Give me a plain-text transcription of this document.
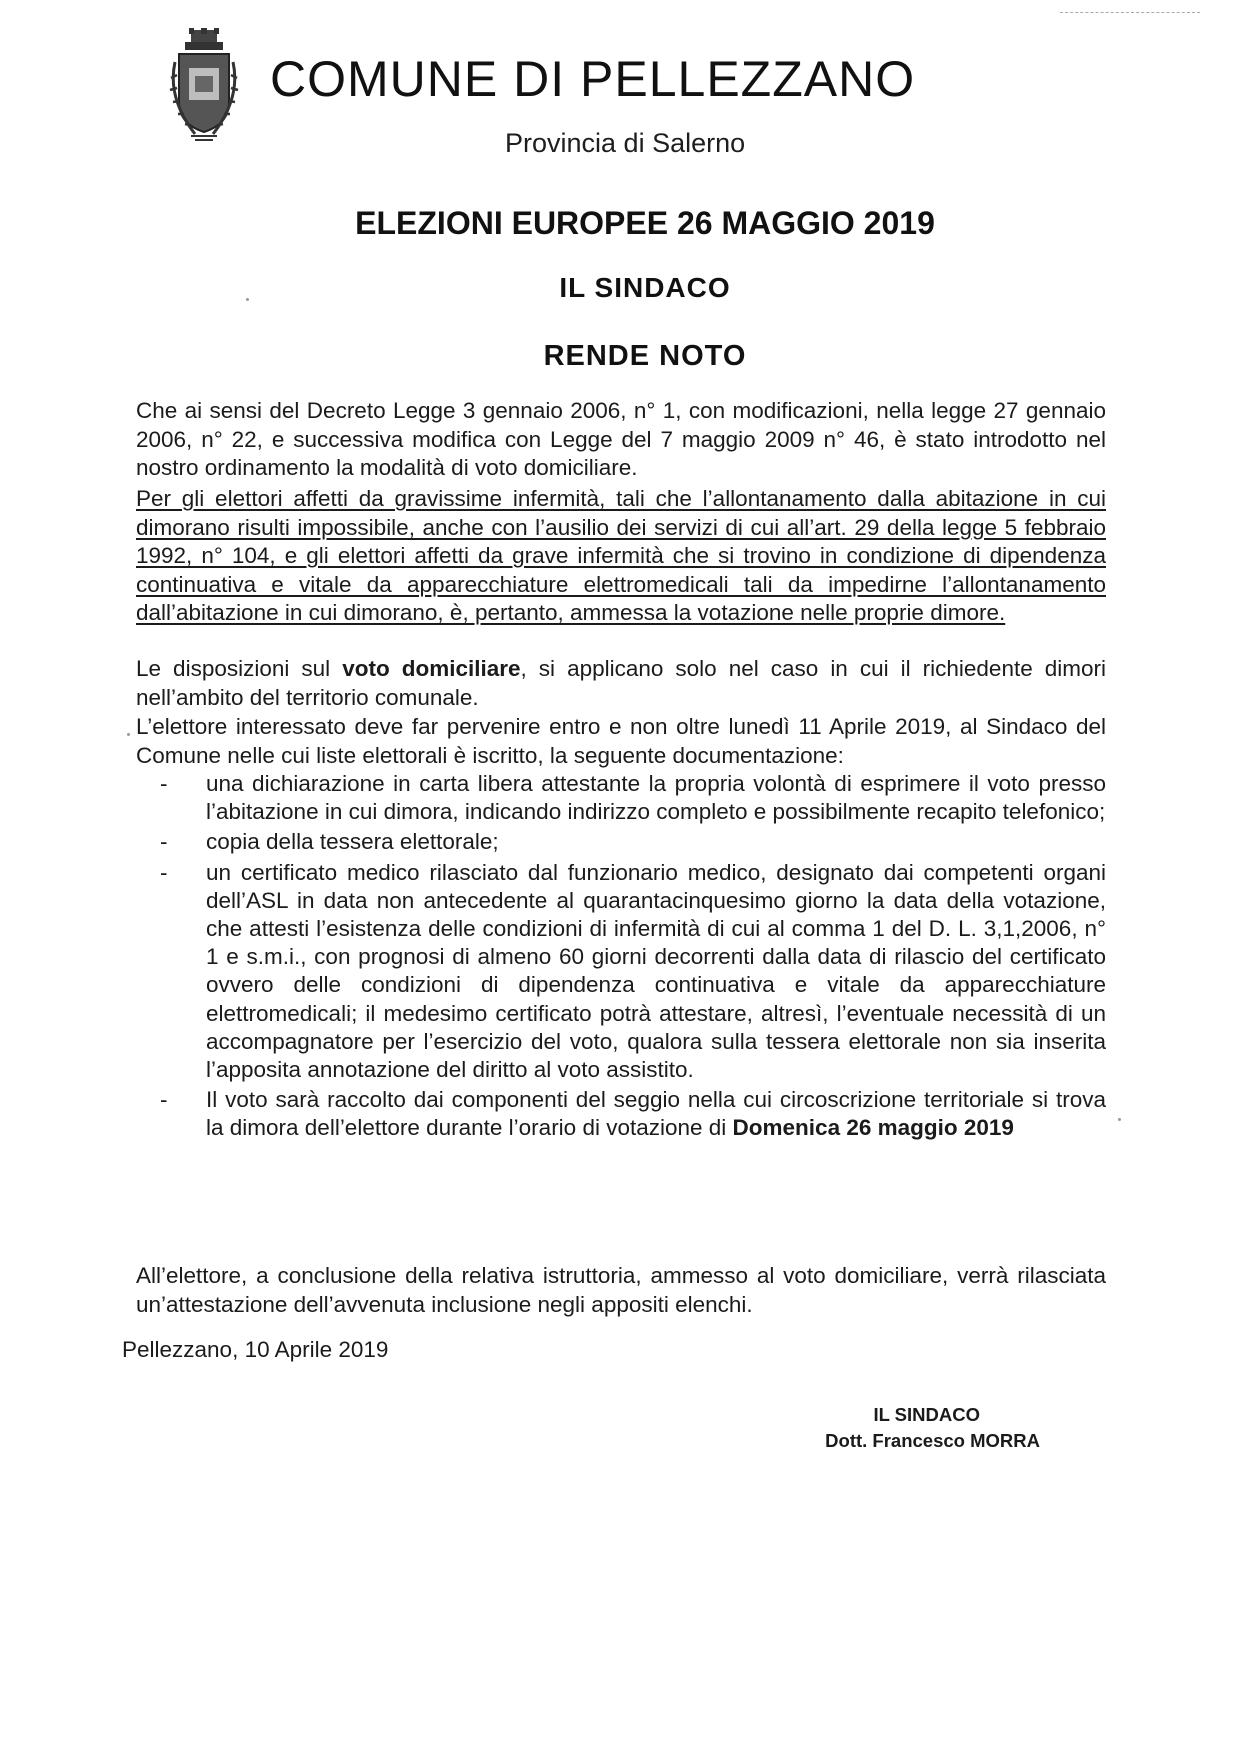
COMUNE DI PELLEZZANO
Provincia di Salerno
ELEZIONI EUROPEE 26 MAGGIO 2019
IL SINDACO
RENDE NOTO
Che ai sensi del Decreto Legge 3 gennaio 2006, n° 1, con modificazioni, nella legge 27 gennaio 2006, n° 22, e successiva modifica con Legge del 7 maggio 2009 n° 46, è stato introdotto nel nostro ordinamento la modalità di voto domiciliare.
Per gli elettori affetti da gravissime infermità, tali che l’allontanamento dalla abitazione in cui dimorano risulti impossibile, anche con l’ausilio dei servizi di cui all’art. 29 della legge 5 febbraio 1992, n° 104, e gli elettori affetti da grave infermità che si trovino in condizione di dipendenza continuativa e vitale da apparecchiature elettromedicali tali da impedirne l’allontanamento dall’abitazione in cui dimorano, è, pertanto, ammessa la votazione nelle proprie dimore.
Le disposizioni sul voto domiciliare, si applicano solo nel caso in cui il richiedente dimori nell’ambito del territorio comunale.
L’elettore interessato deve far pervenire entro e non oltre lunedì 11 Aprile 2019, al Sindaco del Comune nelle cui liste elettorali è iscritto, la seguente documentazione:
- una dichiarazione in carta libera attestante la propria volontà di esprimere il voto presso l’abitazione in cui dimora, indicando indirizzo completo e possibilmente recapito telefonico;
- copia della tessera elettorale;
- un certificato medico rilasciato dal funzionario medico, designato dai competenti organi dell’ASL in data non antecedente al quarantacinquesimo giorno la data della votazione, che attesti l’esistenza delle condizioni di infermità di cui al comma 1 del D. L. 3,1,2006, n° 1 e s.m.i., con prognosi di almeno 60 giorni decorrenti dalla data di rilascio del certificato ovvero delle condizioni di dipendenza continuativa e vitale da apparecchiature elettromedicali; il medesimo certificato potrà attestare, altresì, l’eventuale necessità di un accompagnatore per l’esercizio del voto, qualora sulla tessera elettorale non sia inserita l’apposita annotazione del diritto al voto assistito.
- Il voto sarà raccolto dai componenti del seggio nella cui circoscrizione territoriale si trova la dimora dell’elettore durante l’orario di votazione di Domenica 26 maggio 2019
All’elettore, a conclusione della relativa istruttoria, ammesso al voto domiciliare, verrà rilasciata un’attestazione dell’avvenuta inclusione negli appositi elenchi.
Pellezzano, 10 Aprile 2019
IL SINDACO
Dott. Francesco MORRA
